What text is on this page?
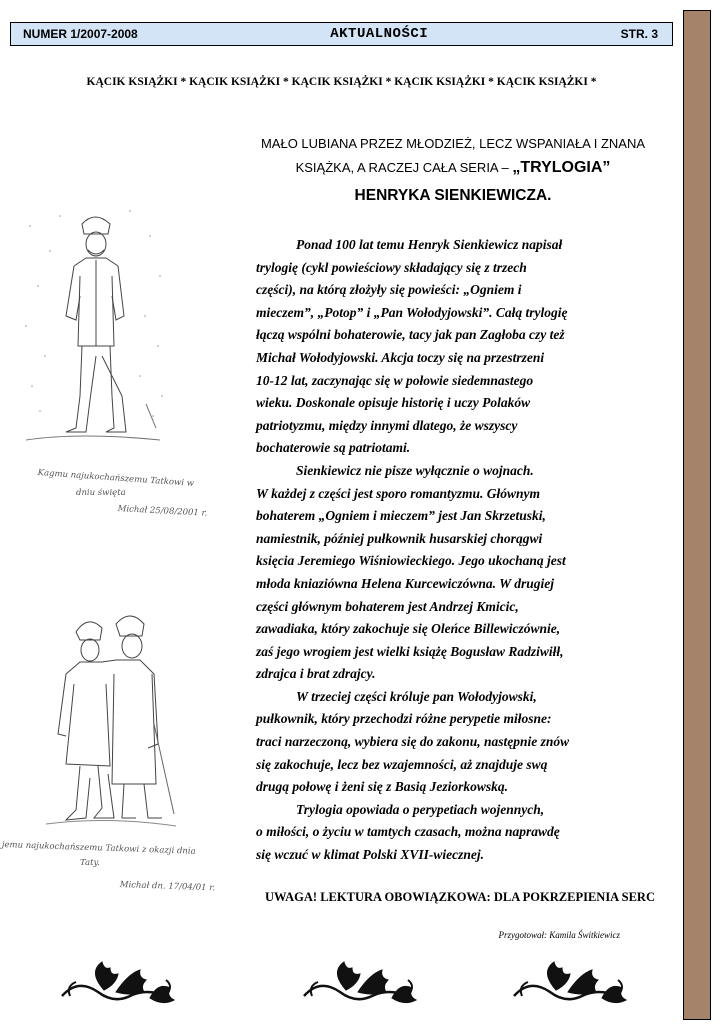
NUMER 1/2007-2008	AKTUALNOŚCI	STR. 3
KĄCIK KSIĄŻKI * KĄCIK KSIĄŻKI * KĄCIK KSIĄŻKI * KĄCIK KSIĄŻKI * KĄCIK KSIĄŻKI *
MAŁO LUBIANA PRZEZ MŁODZIEŻ, LECZ WSPANIAŁA I ZNANA
KSIĄŻKA, A RACZEJ CAŁA SERIA – „TRYLOGIA”
HENRYKA SIENKIEWICZA.
Ponad 100 lat temu Henryk Sienkiewicz napisał
trylogię (cykl powieściowy składający się z trzech
części), na którą złożyły się powieści: „Ogniem i
mieczem”, „Potop” i „Pan Wołodyjowski”. Całą trylogię
łączą wspólni bohaterowie, tacy jak pan Zagłoba czy też
Michał Wołodyjowski. Akcja toczy się na przestrzeni
10-12 lat, zaczynając się w połowie siedemnastego
wieku. Doskonale opisuje historię i uczy Polaków
patriotyzmu, między innymi dlatego, że wszyscy
bochaterowie są patriotami.
Sienkiewicz nie pisze wyłącznie o wojnach.
W każdej z części jest sporo romantyzmu. Głównym
bohaterem „Ogniem i mieczem” jest Jan Skrzetuski,
namiestnik, później pułkownik husarskiej chorągwi
księcia Jeremiego Wiśniowieckiego. Jego ukochaną jest
młoda kniaziówna Helena Kurcewiczówna. W drugiej
części głównym bohaterem jest Andrzej Kmicic,
zawadiaka, który zakochuje się Oleńce Billewiczównie,
zaś jego wrogiem jest wielki książę Bogusław Radziwiłł,
zdrajca i brat zdrajcy.
W trzeciej części króluje pan Wołodyjowski,
pułkownik, który przechodzi różne perypetie miłosne:
traci narzeczoną, wybiera się do zakonu, następnie znów
się zakochuje, lecz bez wzajemności, aż znajduje swą
drugą połowę i żeni się z Basią Jeziorkowską.
Trylogia opowiada o perypetiach wojennych,
o miłości, o życiu w tamtych czasach, można naprawdę
się wczuć w klimat Polski XVII-wiecznej.
UWAGA! LEKTURA OBOWIĄZKOWA: DLA POKRZEPIENIA SERC
Przygotował: Kamila Świtkiewicz
Kagmu najukochańszemu Tatkowi w
dniu święta
Michał 25/08/2001 r.
jemu najukochańszemu Tatkowi z okazji dnia
Taty.
Michał dn. 17/04/01 r.
